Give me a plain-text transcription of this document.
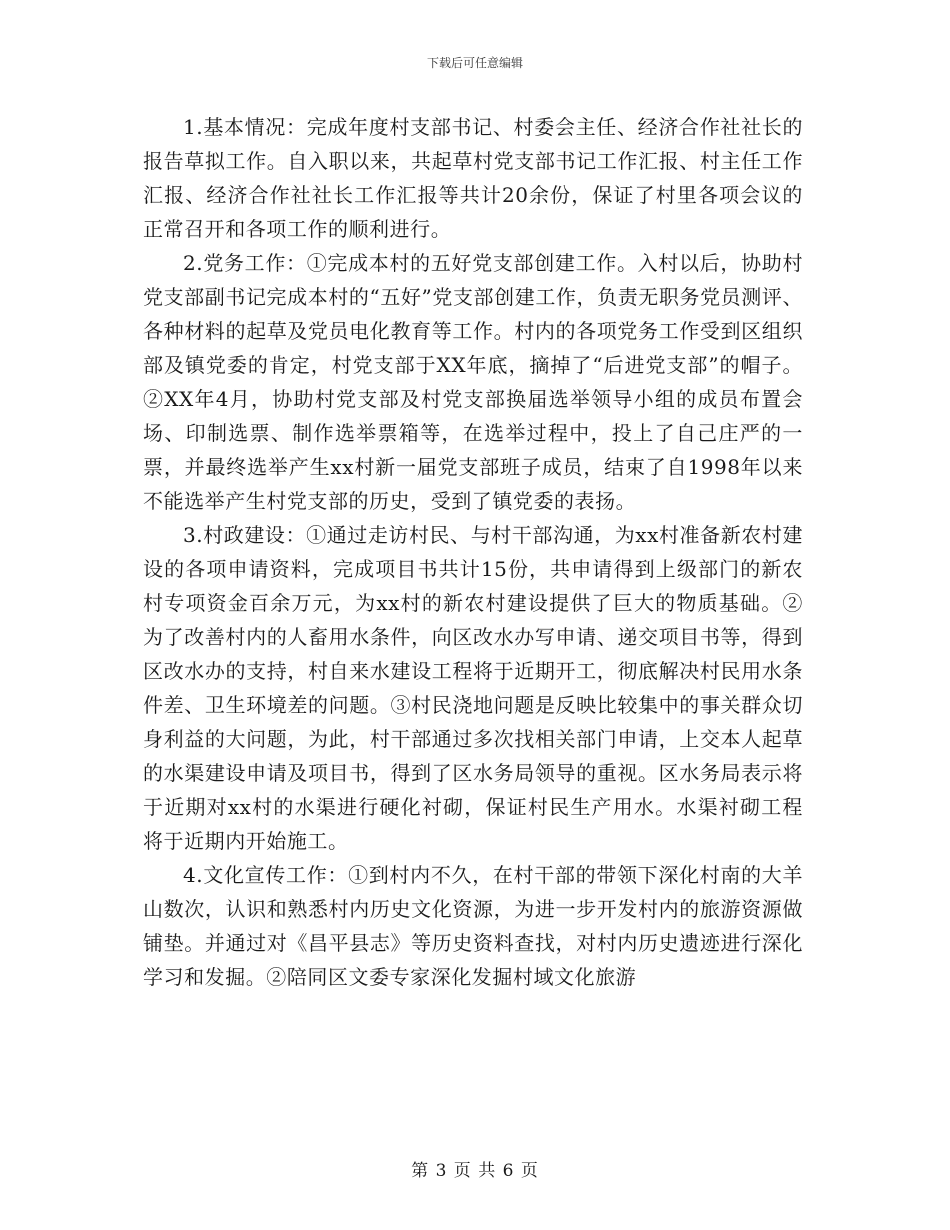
下载后可任意编辑

1.基本情况：完成年度村支部书记、村委会主任、经济合作社社长的报告草拟工作。自入职以来，共起草村党支部书记工作汇报、村主任工作汇报、经济合作社社长工作汇报等共计20余份，保证了村里各项会议的正常召开和各项工作的顺利进行。

2.党务工作：①完成本村的五好党支部创建工作。入村以后，协助村党支部副书记完成本村的“五好”党支部创建工作，负责无职务党员测评、各种材料的起草及党员电化教育等工作。村内的各项党务工作受到区组织部及镇党委的肯定，村党支部于XX年底，摘掉了“后进党支部”的帽子。②XX年4月，协助村党支部及村党支部换届选举领导小组的成员布置会场、印制选票、制作选举票箱等，在选举过程中，投上了自己庄严的一票，并最终选举产生xx村新一届党支部班子成员，结束了自1998年以来不能选举产生村党支部的历史，受到了镇党委的表扬。

3.村政建设：①通过走访村民、与村干部沟通，为xx村准备新农村建设的各项申请资料，完成项目书共计15份，共申请得到上级部门的新农村专项资金百余万元，为xx村的新农村建设提供了巨大的物质基础。②为了改善村内的人畜用水条件，向区改水办写申请、递交项目书等，得到区改水办的支持，村自来水建设工程将于近期开工，彻底解决村民用水条件差、卫生环境差的问题。③村民浇地问题是反映比较集中的事关群众切身利益的大问题，为此，村干部通过多次找相关部门申请，上交本人起草的水渠建设申请及项目书，得到了区水务局领导的重视。区水务局表示将于近期对xx村的水渠进行硬化衬砌，保证村民生产用水。水渠衬砌工程将于近期内开始施工。

4.文化宣传工作：①到村内不久，在村干部的带领下深化村南的大羊山数次，认识和熟悉村内历史文化资源，为进一步开发村内的旅游资源做铺垫。并通过对《昌平县志》等历史资料查找，对村内历史遗迹进行深化学习和发掘。②陪同区文委专家深化发掘村域文化旅游

第 3 页 共 6 页
